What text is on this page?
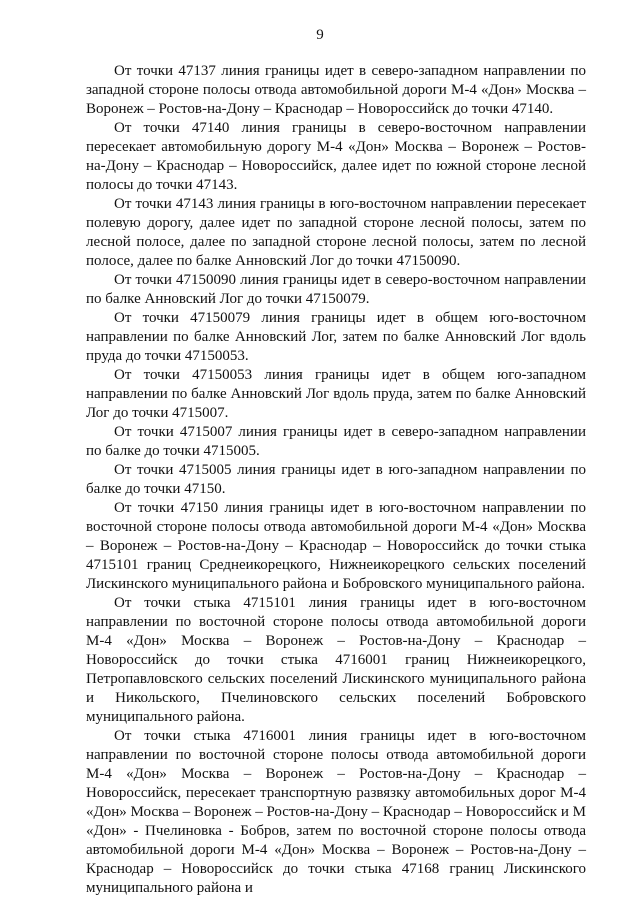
9

От точки 47137 линия границы идет в северо-западном направлении по западной стороне полосы отвода автомобильной дороги М-4 «Дон» Москва – Воронеж – Ростов-на-Дону – Краснодар – Новороссийск до точки 47140.

От точки 47140 линия границы в северо-восточном направлении пересекает автомобильную дорогу М-4 «Дон» Москва – Воронеж – Ростов-на-Дону – Краснодар – Новороссийск, далее идет по южной стороне лесной полосы до точки 47143.

От точки 47143 линия границы в юго-восточном направлении пересекает полевую дорогу, далее идет по западной стороне лесной полосы, затем по лесной полосе, далее по западной стороне лесной полосы, затем по лесной полосе, далее по балке Анновский Лог до точки 47150090.

От точки 47150090 линия границы идет в северо-восточном направлении по балке Анновский Лог до точки 47150079.

От точки 47150079 линия границы идет в общем юго-восточном направлении по балке Анновский Лог, затем по балке Анновский Лог вдоль пруда до точки 47150053.

От точки 47150053 линия границы идет в общем юго-западном направлении по балке Анновский Лог вдоль пруда, затем по балке Анновский Лог до точки 4715007.

От точки 4715007 линия границы идет в северо-западном направлении по балке до точки 4715005.

От точки 4715005 линия границы идет в юго-западном направлении по балке до точки 47150.

От точки 47150 линия границы идет в юго-восточном направлении по восточной стороне полосы отвода автомобильной дороги М-4 «Дон» Москва – Воронеж – Ростов-на-Дону – Краснодар – Новороссийск до точки стыка 4715101 границ Среднеикорецкого, Нижнеикорецкого сельских поселений Лискинского муниципального района и Бобровского муниципального района.

От точки стыка 4715101 линия границы идет в юго-восточном направлении по восточной стороне полосы отвода автомобильной дороги М-4 «Дон» Москва – Воронеж – Ростов-на-Дону – Краснодар – Новороссийск до точки стыка 4716001 границ Нижнеикорецкого, Петропавловского сельских поселений Лискинского муниципального района и Никольского, Пчелиновского сельских поселений Бобровского муниципального района.

От точки стыка 4716001 линия границы идет в юго-восточном направлении по восточной стороне полосы отвода автомобильной дороги М-4 «Дон» Москва – Воронеж – Ростов-на-Дону – Краснодар – Новороссийск, пересекает транспортную развязку автомобильных дорог М-4 «Дон» Москва – Воронеж – Ростов-на-Дону – Краснодар – Новороссийск и М «Дон» - Пчелиновка - Бобров, затем по восточной стороне полосы отвода автомобильной дороги М-4 «Дон» Москва – Воронеж – Ростов-на-Дону – Краснодар – Новороссийск до точки стыка 47168 границ Лискинского муниципального района и
